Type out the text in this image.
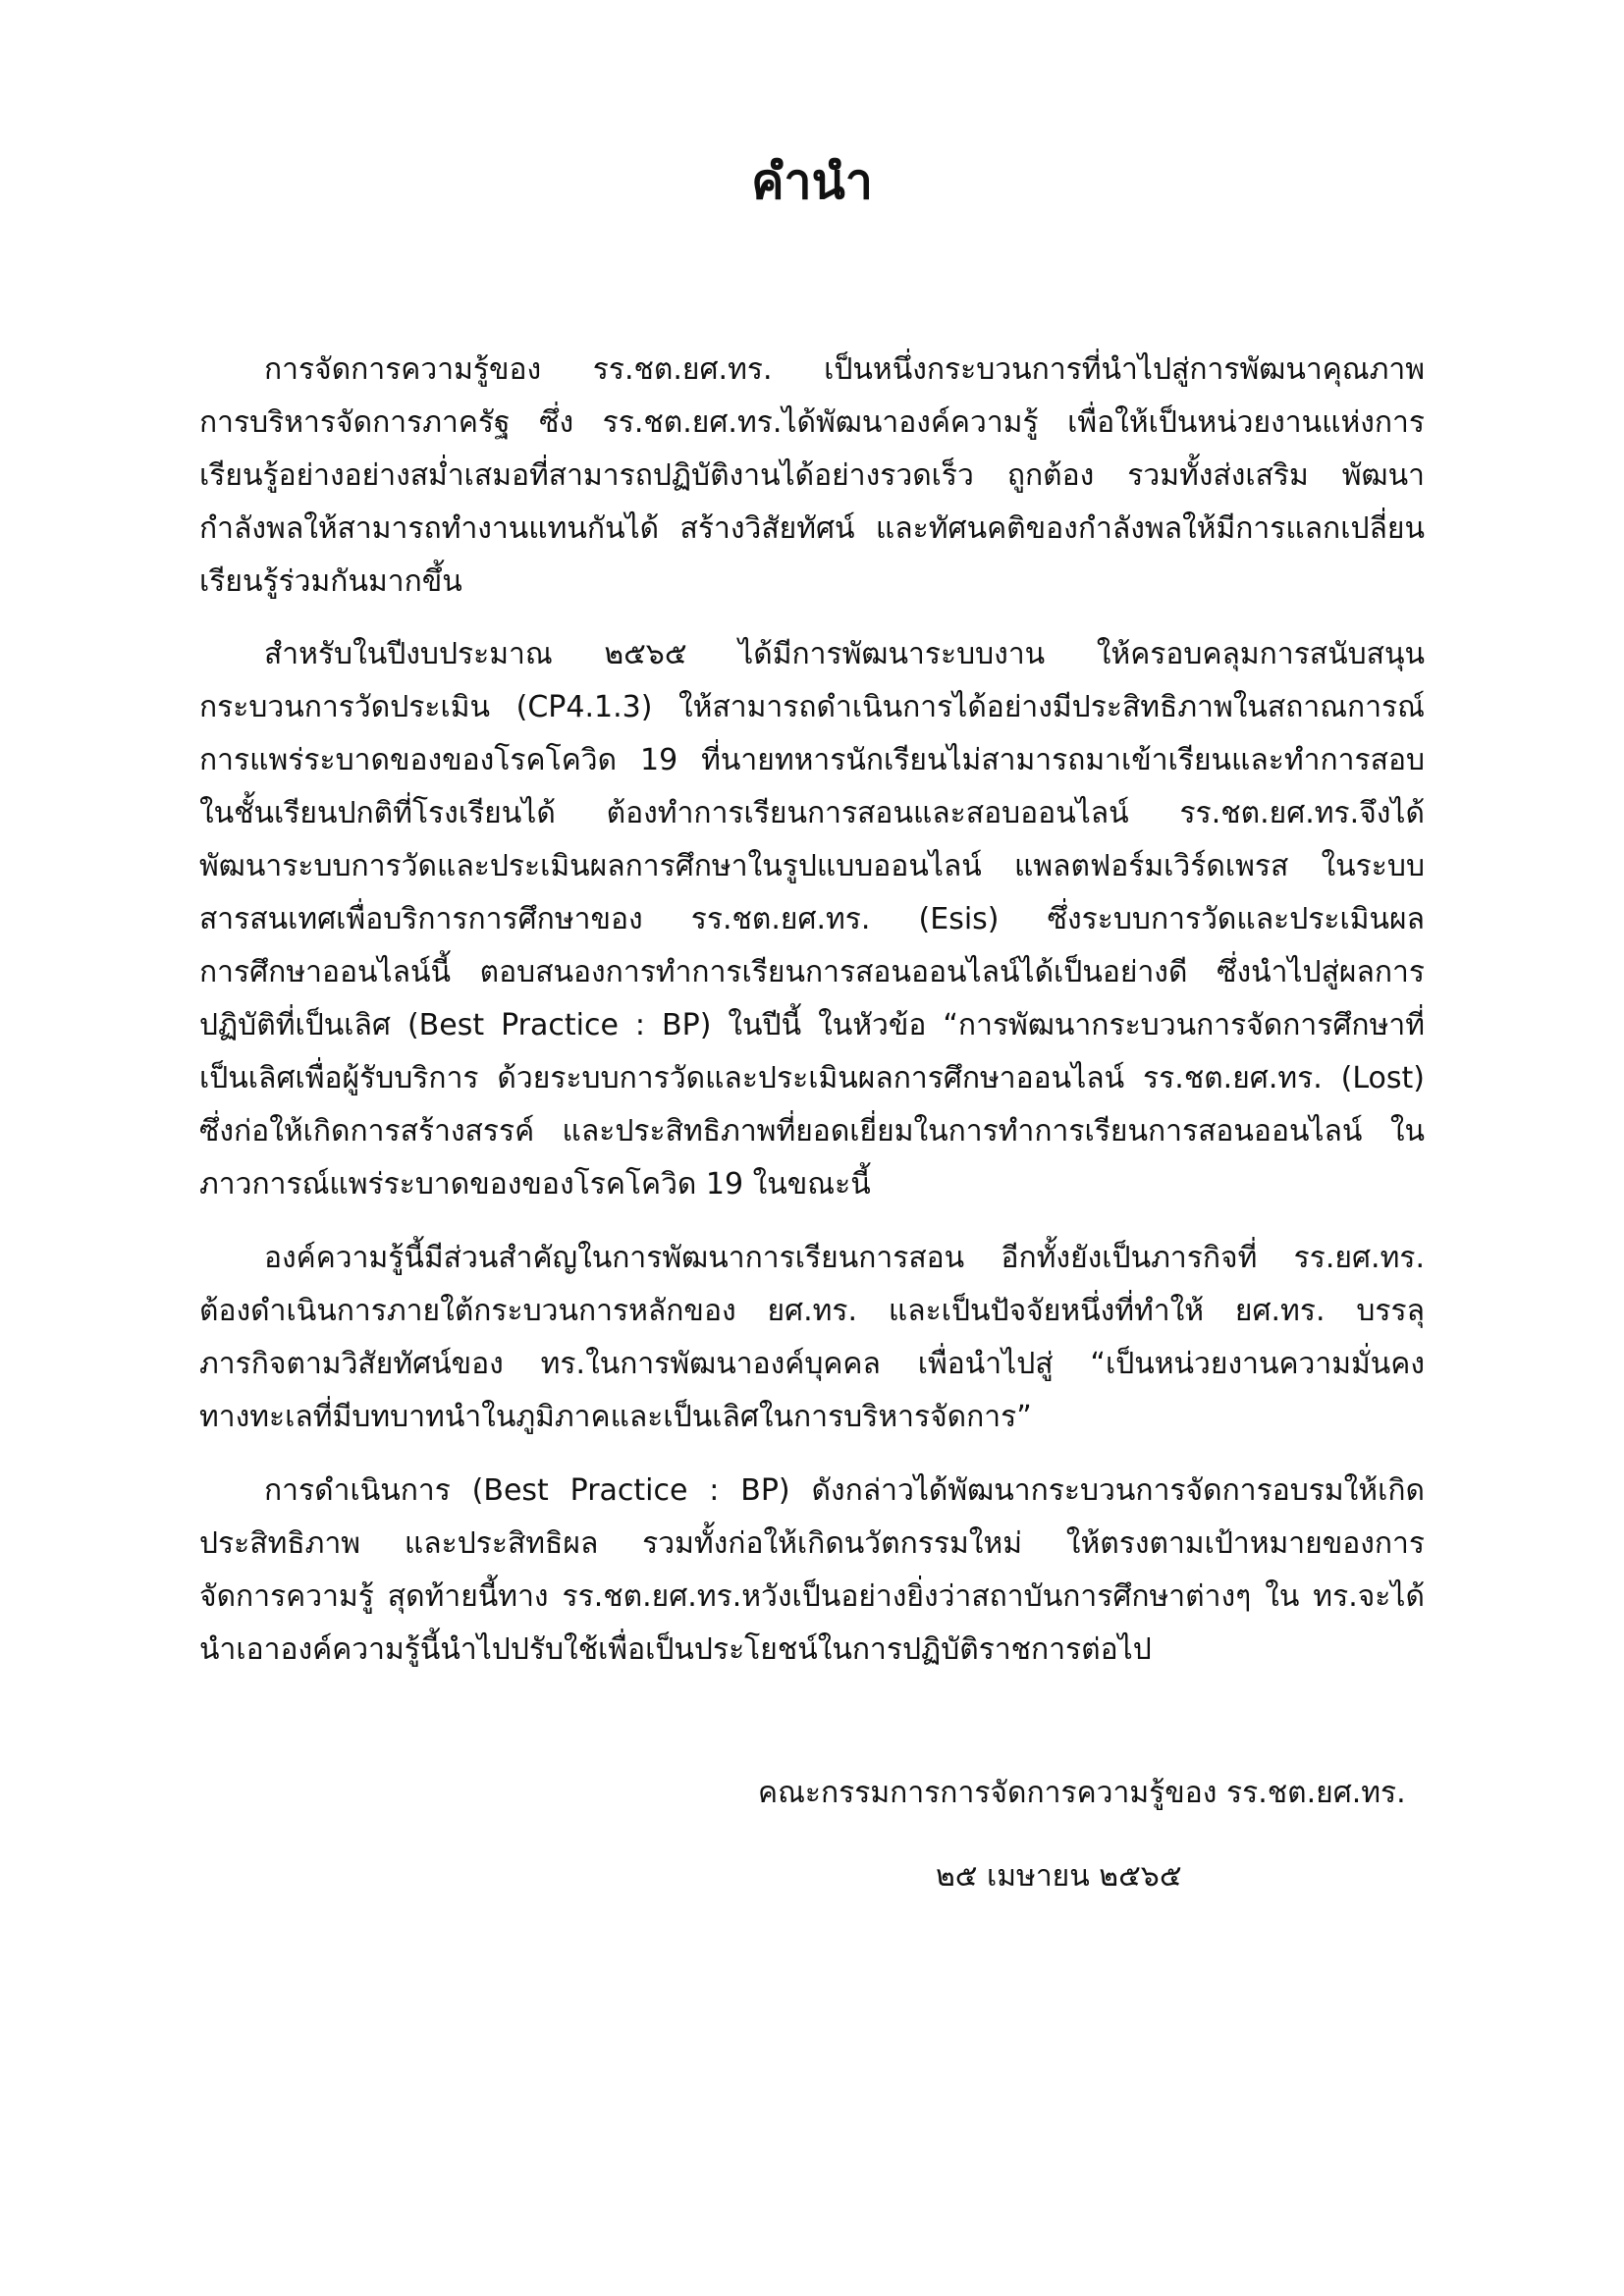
คำนำ
การจัดการความรู้ของ รร.ชต.ยศ.ทร. เป็นหนึ่งกระบวนการที่นำไปสู่การพัฒนาคุณภาพ
การบริหารจัดการภาครัฐ ซึ่ง รร.ชต.ยศ.ทร.ได้พัฒนาองค์ความรู้ เพื่อให้เป็นหน่วยงานแห่งการ
เรียนรู้อย่างอย่างสม่ำเสมอที่สามารถปฏิบัติงานได้อย่างรวดเร็ว ถูกต้อง รวมทั้งส่งเสริม พัฒนา
กำลังพลให้สามารถทำงานแทนกันได้ สร้างวิสัยทัศน์ และทัศนคติของกำลังพลให้มีการแลกเปลี่ยน
เรียนรู้ร่วมกันมากขึ้น
สำหรับในปีงบประมาณ ๒๕๖๕ ได้มีการพัฒนาระบบงาน ให้ครอบคลุมการสนับสนุน
กระบวนการวัดประเมิน (CP4.1.3) ให้สามารถดำเนินการได้อย่างมีประสิทธิภาพในสถาณการณ์
การแพร่ระบาดของของโรคโควิด 19 ที่นายทหารนักเรียนไม่สามารถมาเข้าเรียนและทำการสอบ
ในชั้นเรียนปกติที่โรงเรียนได้ ต้องทำการเรียนการสอนและสอบออนไลน์ รร.ชต.ยศ.ทร.จึงได้
พัฒนาระบบการวัดและประเมินผลการศึกษาในรูปแบบออนไลน์ แพลตฟอร์มเวิร์ดเพรส ในระบบ
สารสนเทศเพื่อบริการการศึกษาของ รร.ชต.ยศ.ทร. (Esis) ซึ่งระบบการวัดและประเมินผล
การศึกษาออนไลน์นี้ ตอบสนองการทำการเรียนการสอนออนไลน์ได้เป็นอย่างดี ซึ่งนำไปสู่ผลการ
ปฏิบัติที่เป็นเลิศ (Best Practice : BP) ในปีนี้ ในหัวข้อ “การพัฒนากระบวนการจัดการศึกษาที่
เป็นเลิศเพื่อผู้รับบริการ ด้วยระบบการวัดและประเมินผลการศึกษาออนไลน์ รร.ชต.ยศ.ทร. (Lost)
ซึ่งก่อให้เกิดการสร้างสรรค์ และประสิทธิภาพที่ยอดเยี่ยมในการทำการเรียนการสอนออนไลน์ ใน
ภาวการณ์แพร่ระบาดของของโรคโควิด 19 ในขณะนี้
องค์ความรู้นี้มีส่วนสำคัญในการพัฒนาการเรียนการสอน อีกทั้งยังเป็นภารกิจที่ รร.ยศ.ทร.
ต้องดำเนินการภายใต้กระบวนการหลักของ ยศ.ทร. และเป็นปัจจัยหนึ่งที่ทำให้ ยศ.ทร. บรรลุ
ภารกิจตามวิสัยทัศน์ของ ทร.ในการพัฒนาองค์บุคคล เพื่อนำไปสู่ “เป็นหน่วยงานความมั่นคง
ทางทะเลที่มีบทบาทนำในภูมิภาคและเป็นเลิศในการบริหารจัดการ”
การดำเนินการ (Best Practice : BP) ดังกล่าวได้พัฒนากระบวนการจัดการอบรมให้เกิด
ประสิทธิภาพ และประสิทธิผล รวมทั้งก่อให้เกิดนวัตกรรมใหม่ ให้ตรงตามเป้าหมายของการ
จัดการความรู้ สุดท้ายนี้ทาง รร.ชต.ยศ.ทร.หวังเป็นอย่างยิ่งว่าสถาบันการศึกษาต่างๆ ใน ทร.จะได้
นำเอาองค์ความรู้นี้นำไปปรับใช้เพื่อเป็นประโยชน์ในการปฏิบัติราชการต่อไป
คณะกรรมการการจัดการความรู้ของ รร.ชต.ยศ.ทร.
๒๕ เมษายน ๒๕๖๕
